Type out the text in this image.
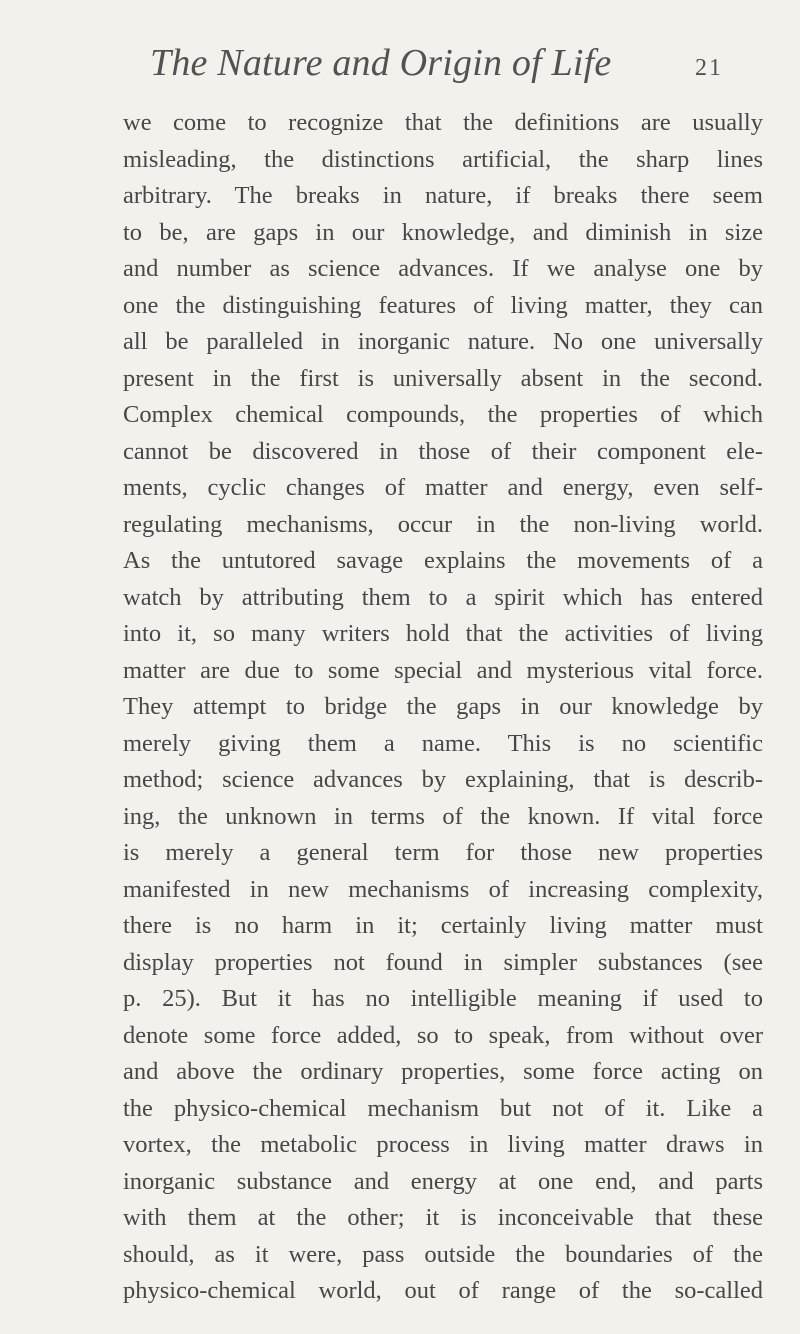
The Nature and Origin of Life	21
we come to recognize that the definitions are usually
misleading, the distinctions artificial, the sharp lines
arbitrary. The breaks in nature, if breaks there seem
to be, are gaps in our knowledge, and diminish in size
and number as science advances. If we analyse one by
one the distinguishing features of living matter, they can
all be paralleled in inorganic nature. No one universally
present in the first is universally absent in the second.
Complex chemical compounds, the properties of which
cannot be discovered in those of their component ele-
ments, cyclic changes of matter and energy, even self-
regulating mechanisms, occur in the non-living world.
As the untutored savage explains the movements of a
watch by attributing them to a spirit which has entered
into it, so many writers hold that the activities of living
matter are due to some special and mysterious vital force.
They attempt to bridge the gaps in our knowledge by
merely giving them a name. This is no scientific
method; science advances by explaining, that is describ-
ing, the unknown in terms of the known. If vital force
is merely a general term for those new properties
manifested in new mechanisms of increasing complexity,
there is no harm in it; certainly living matter must
display properties not found in simpler substances (see
p. 25). But it has no intelligible meaning if used to
denote some force added, so to speak, from without over
and above the ordinary properties, some force acting on
the physico-chemical mechanism but not of it. Like a
vortex, the metabolic process in living matter draws in
inorganic substance and energy at one end, and parts
with them at the other; it is inconceivable that these
should, as it were, pass outside the boundaries of the
physico-chemical world, out of range of the so-called
